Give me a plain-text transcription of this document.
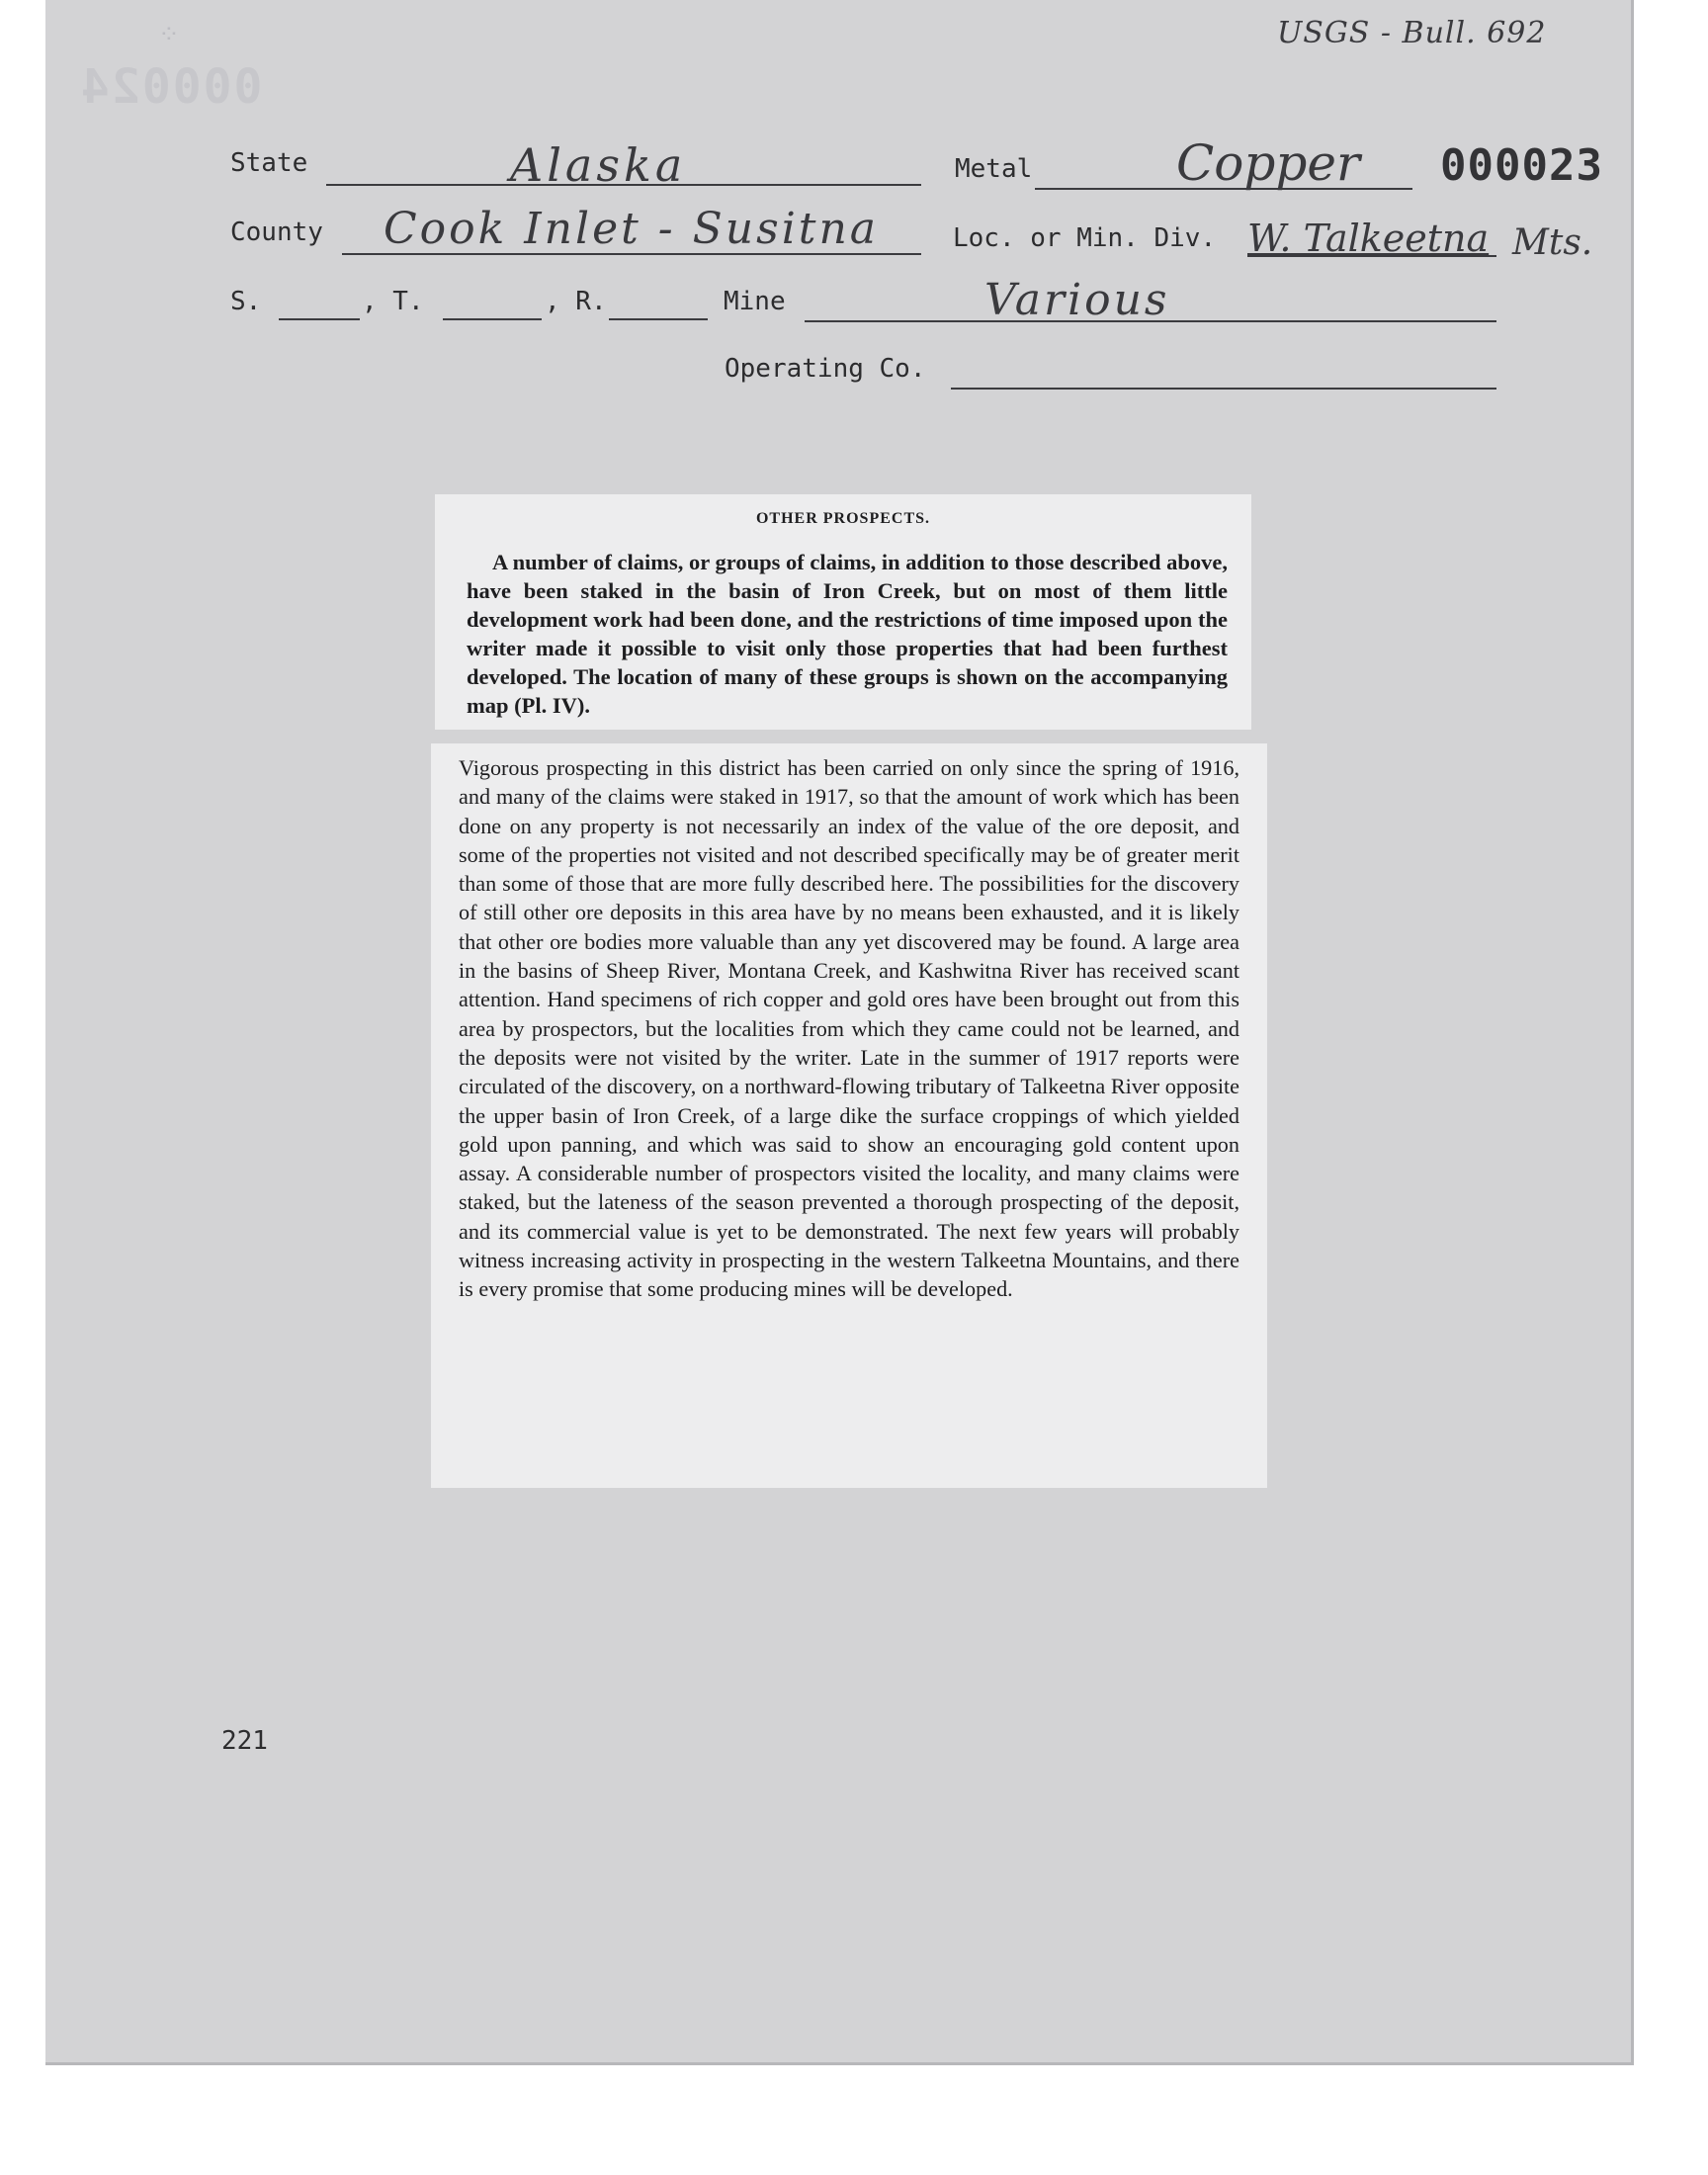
USGS - Bull. 692
000024
⁘
000023
State	Alaska	Metal	Copper
County Cook Inlet - Susitna	Loc. or Min. Div. W. Talkeetna Mts.
S.	, T.	, R.	Mine	Various
Operating Co.
OTHER PROSPECTS.
A number of claims, or groups of claims, in addition to those described above, have been staked in the basin of Iron Creek, but on most of them little development work had been done, and the restrictions of time imposed upon the writer made it possible to visit only those properties that had been furthest developed. The location of many of these groups is shown on the accompanying map (Pl. IV).
Vigorous prospecting in this district has been carried on only since the spring of 1916, and many of the claims were staked in 1917, so that the amount of work which has been done on any property is not necessarily an index of the value of the ore deposit, and some of the properties not visited and not described specifically may be of greater merit than some of those that are more fully described here. The possibilities for the discovery of still other ore deposits in this area have by no means been exhausted, and it is likely that other ore bodies more valuable than any yet discovered may be found. A large area in the basins of Sheep River, Montana Creek, and Kashwitna River has received scant attention. Hand specimens of rich copper and gold ores have been brought out from this area by prospectors, but the localities from which they came could not be learned, and the deposits were not visited by the writer. Late in the summer of 1917 reports were circulated of the discovery, on a northward-flowing tributary of Talkeetna River opposite the upper basin of Iron Creek, of a large dike the surface croppings of which yielded gold upon panning, and which was said to show an encouraging gold content upon assay. A considerable number of prospectors visited the locality, and many claims were staked, but the lateness of the season prevented a thorough prospecting of the deposit, and its commercial value is yet to be demonstrated. The next few years will probably witness increasing activity in prospecting in the western Talkeetna Mountains, and there is every promise that some producing mines will be developed.
221
